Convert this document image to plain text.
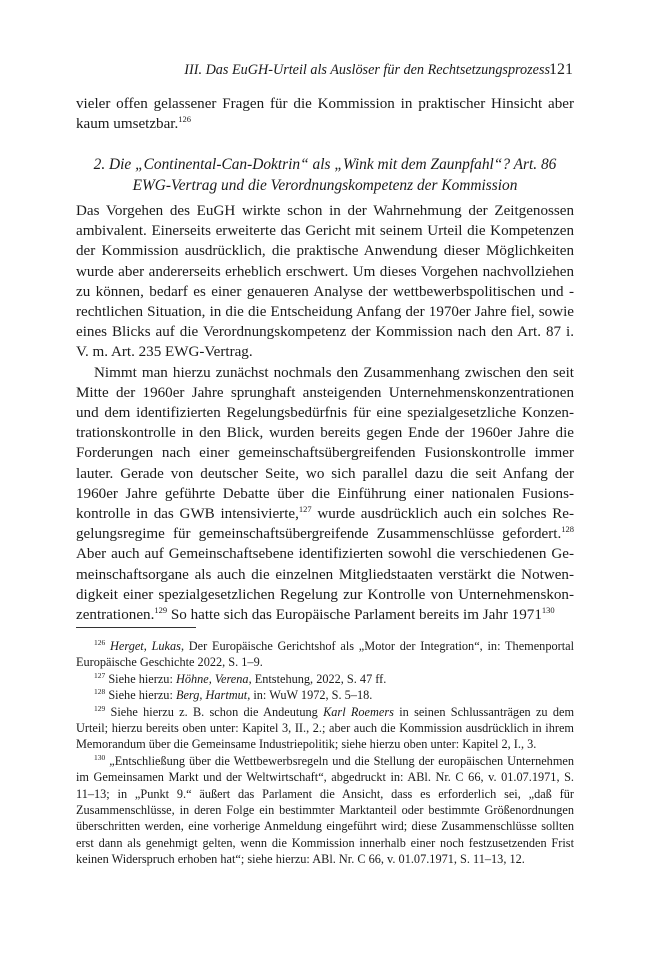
III. Das EuGH-Urteil als Auslöser für den Rechtsetzungsprozess 121

vieler offen gelassener Fragen für die Kommission in praktischer Hinsicht aber kaum umsetzbar.$^{126}$

2. Die „Continental-Can-Doktrin“ als „Wink mit dem Zaunpfahl“? Art. 86
EWG-Vertrag und die Verordnungskompetenz der Kommission

Das Vorgehen des EuGH wirkte schon in der Wahrnehmung der Zeitgenossen ambivalent. Einerseits erweiterte das Gericht mit seinem Urteil die Kompetenzen der Kommission ausdrücklich, die praktische Anwendung dieser Möglichkeiten wurde aber andererseits erheblich erschwert. Um dieses Vorgehen nachvollziehen zu können, bedarf es einer genaueren Analyse der wettbewerbspolitischen und -rechtlichen Situation, in die die Entscheidung Anfang der 1970er Jahre fiel, sowie eines Blicks auf die Verordnungskompetenz der Kommission nach den Art. 87 i. V. m. Art. 235 EWG-Vertrag.

Nimmt man hierzu zunächst nochmals den Zusammenhang zwischen den seit Mitte der 1960er Jahre sprunghaft ansteigenden Unternehmenskonzentrationen und dem identifizierten Regelungsbedürfnis für eine spezialgesetzliche Konzentrationskontrolle in den Blick, wurden bereits gegen Ende der 1960er Jahre die Forderungen nach einer gemeinschaftsübergreifenden Fusionskontrolle immer lauter. Gerade von deutscher Seite, wo sich parallel dazu die seit Anfang der 1960er Jahre geführte Debatte über die Einführung einer nationalen Fusionskontrolle in das GWB intensivierte,$^{127}$ wurde ausdrücklich auch ein solches Regelungsregime für gemeinschaftsübergreifende Zusammenschlüsse gefordert.$^{128}$ Aber auch auf Gemeinschaftsebene identifizierten sowohl die verschiedenen Gemeinschaftsorgane als auch die einzelnen Mitgliedstaaten verstärkt die Notwendigkeit einer spezialgesetzlichen Regelung zur Kontrolle von Unternehmenskonzentrationen.$^{129}$ So hatte sich das Europäische Parlament bereits im Jahr 1971$^{130}$

$^{126}$ Herget, Lukas, Der Europäische Gerichtshof als „Motor der Integration“, in: Themenportal Europäische Geschichte 2022, S. 1–9.

$^{127}$ Siehe hierzu: Höhne, Verena, Entstehung, 2022, S. 47 ff.

$^{128}$ Siehe hierzu: Berg, Hartmut, in: WuW 1972, S. 5–18.

$^{129}$ Siehe hierzu z. B. schon die Andeutung Karl Roemers in seinen Schlussanträgen zu dem Urteil; hierzu bereits oben unter: Kapitel 3, II., 2.; aber auch die Kommission ausdrücklich in ihrem Memorandum über die Gemeinsame Industriepolitik; siehe hierzu oben unter: Kapitel 2, I., 3.

$^{130}$ „Entschließung über die Wettbewerbsregeln und die Stellung der europäischen Unternehmen im Gemeinsamen Markt und der Weltwirtschaft“, abgedruckt in: ABl. Nr. C 66, v. 01.07.1971, S. 11–13; in „Punkt 9.“ äußert das Parlament die Ansicht, dass es erforderlich sei, „daß für Zusammenschlüsse, in deren Folge ein bestimmter Marktanteil oder bestimmte Größenordnungen überschritten werden, eine vorherige Anmeldung eingeführt wird; diese Zusammenschlüsse sollten erst dann als genehmigt gelten, wenn die Kommission innerhalb einer noch festzusetzenden Frist keinen Widerspruch erhoben hat“; siehe hierzu: ABl. Nr. C 66, v. 01.07.1971, S. 11–13, 12.
